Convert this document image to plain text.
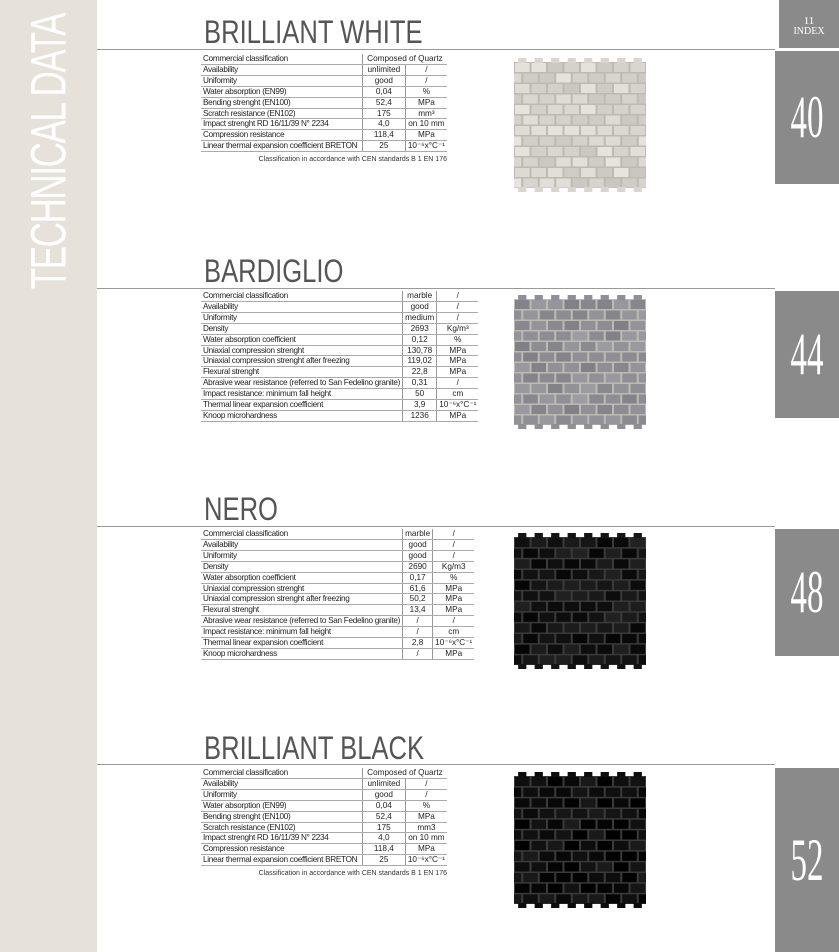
TECHNICAL DATA	11
INDEX
BRILLIANT WHITE
40
Commercial classification	Composed of Quartz	
Availability	unlimited	/
Uniformity	good	/
Water absorption (EN99)	0,04	%
Bending strenght (EN100)	52,4	MPa
Scratch resistance (EN102)	175	mm³
Impact strenght RD 16/11/39 N° 2234	4,0	on 10 mm
Compression resistance	118,4	MPa
Linear thermal expansion coefficient BRETON	25	10⁻⁶x°C⁻¹
Classification in accordance with CEN standards B 1 EN 176
BARDIGLIO
44
Commercial classification	marble	/
Availability	good	/
Uniformity	medium	/
Density	2693	Kg/m³
Water absorption coefficient	0,12	%
Uniaxial compression strenght	130,78	MPa
Uniaxial compression strenght after freezing	119,02	MPa
Flexural strenght	22,8	MPa
Abrasive wear resistance (referred to San Fedelino granite)	0,31	/
Impact resistance: minimum fall height	50	cm
Thermal linear expansion coefficient	3,9	10⁻⁶x°C⁻¹
Knoop microhardness	1236	MPa
NERO
48
Commercial classification	marble	/
Availability	good	/
Uniformity	good	/
Density	2690	Kg/m3
Water absorption coefficient	0,17	%
Uniaxial compression strenght	61,6	MPa
Uniaxial compression strenght after freezing	50,2	MPa
Flexural strenght	13,4	MPa
Abrasive wear resistance (referred to San Fedelino granite)	/	/
Impact resistance: minimum fall height	/	cm
Thermal linear expansion coefficient	2,8	10⁻⁶x°C⁻¹
Knoop microhardness	/	MPa
BRILLIANT BLACK
52
Commercial classification	Composed of Quartz	
Availability	unlimited	/
Uniformity	good	/
Water absorption (EN99)	0,04	%
Bending strenght (EN100)	52,4	MPa
Scratch resistance (EN102)	175	mm3
Impact strenght RD 16/11/39 N° 2234	4,0	on 10 mm
Compression resistance	118,4	MPa
Linear thermal expansion coefficient BRETON	25	10⁻⁶x°C⁻¹
Classification in accordance with CEN standards B 1 EN 176
